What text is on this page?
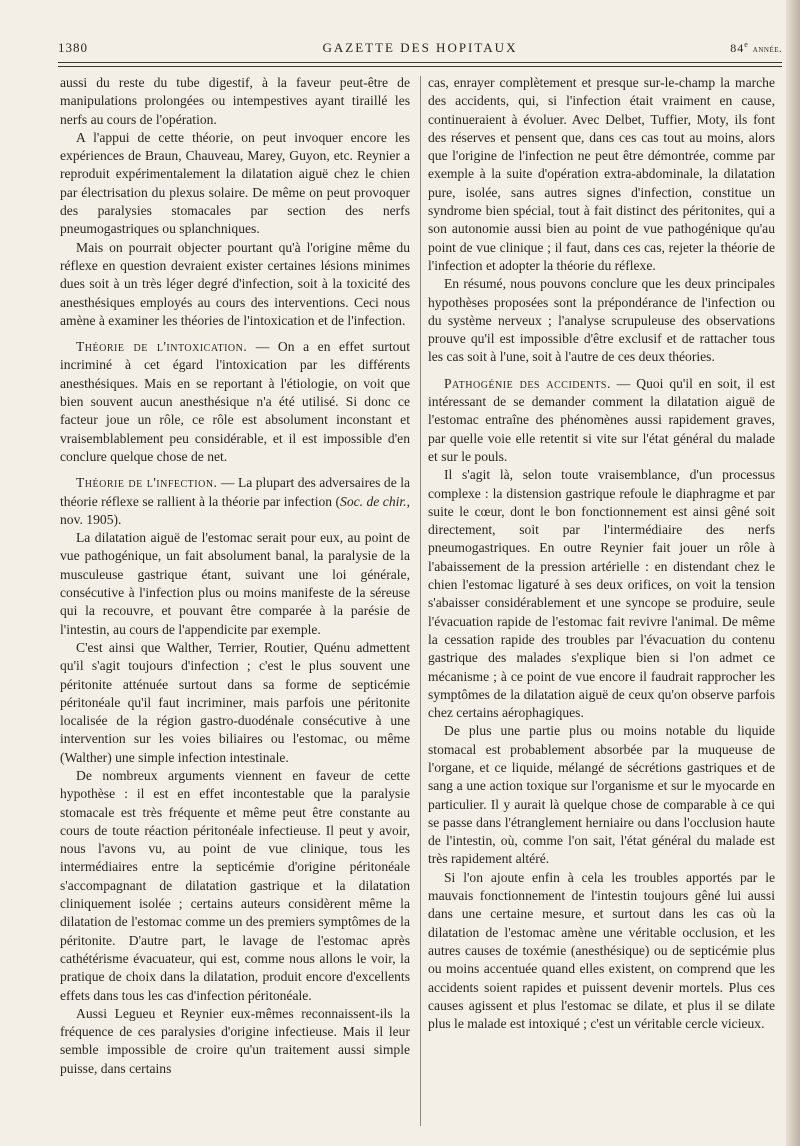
1380	GAZETTE DES HOPITAUX	84e année.

aussi du reste du tube digestif, à la faveur peut-être de manipulations prolongées ou intempestives ayant tiraillé les nerfs au cours de l'opération.

A l'appui de cette théorie, on peut invoquer encore les expériences de Braun, Chauveau, Marey, Guyon, etc. Reynier a reproduit expérimentalement la dilatation aiguë chez le chien par électrisation du plexus solaire. De même on peut provoquer des paralysies stomacales par section des nerfs pneumogastriques ou splanchniques.

Mais on pourrait objecter pourtant qu'à l'origine même du réflexe en question devraient exister certaines lésions minimes dues soit à un très léger degré d'infection, soit à la toxicité des anesthésiques employés au cours des interventions. Ceci nous amène à examiner les théories de l'intoxication et de l'infection.

Théorie de l'intoxication. — On a en effet surtout incriminé à cet égard l'intoxication par les différents anesthésiques. Mais en se reportant à l'étiologie, on voit que bien souvent aucun anesthésique n'a été utilisé. Si donc ce facteur joue un rôle, ce rôle est absolument inconstant et vraisemblablement peu considérable, et il est impossible d'en conclure quelque chose de net.

Théorie de l'infection. — La plupart des adversaires de la théorie réflexe se rallient à la théorie par infection (Soc. de chir., nov. 1905).

La dilatation aiguë de l'estomac serait pour eux, au point de vue pathogénique, un fait absolument banal, la paralysie de la musculeuse gastrique étant, suivant une loi générale, consécutive à l'infection plus ou moins manifeste de la séreuse qui la recouvre, et pouvant être comparée à la parésie de l'intestin, au cours de l'appendicite par exemple.

C'est ainsi que Walther, Terrier, Routier, Quénu admettent qu'il s'agit toujours d'infection ; c'est le plus souvent une péritonite atténuée surtout dans sa forme de septicémie péritonéale qu'il faut incriminer, mais parfois une péritonite localisée de la région gastro-duodénale consécutive à une intervention sur les voies biliaires ou l'estomac, ou même (Walther) une simple infection intestinale.

De nombreux arguments viennent en faveur de cette hypothèse : il est en effet incontestable que la paralysie stomacale est très fréquente et même peut être constante au cours de toute réaction péritonéale infectieuse. Il peut y avoir, nous l'avons vu, au point de vue clinique, tous les intermédiaires entre la septicémie d'origine péritonéale s'accompagnant de dilatation gastrique et la dilatation cliniquement isolée ; certains auteurs considèrent même la dilatation de l'estomac comme un des premiers symptômes de la péritonite. D'autre part, le lavage de l'estomac après cathétérisme évacuateur, qui est, comme nous allons le voir, la pratique de choix dans la dilatation, produit encore d'excellents effets dans tous les cas d'infection péritonéale.

Aussi Legueu et Reynier eux-mêmes reconnaissent-ils la fréquence de ces paralysies d'origine infectieuse. Mais il leur semble impossible de croire qu'un traitement aussi simple puisse, dans certains

cas, enrayer complètement et presque sur-le-champ la marche des accidents, qui, si l'infection était vraiment en cause, continueraient à évoluer. Avec Delbet, Tuffier, Moty, ils font des réserves et pensent que, dans ces cas tout au moins, alors que l'origine de l'infection ne peut être démontrée, comme par exemple à la suite d'opération extra-abdominale, la dilatation pure, isolée, sans autres signes d'infection, constitue un syndrome bien spécial, tout à fait distinct des péritonites, qui a son autonomie aussi bien au point de vue pathogénique qu'au point de vue clinique ; il faut, dans ces cas, rejeter la théorie de l'infection et adopter la théorie du réflexe.

En résumé, nous pouvons conclure que les deux principales hypothèses proposées sont la prépondérance de l'infection ou du système nerveux ; l'analyse scrupuleuse des observations prouve qu'il est impossible d'être exclusif et de rattacher tous les cas soit à l'une, soit à l'autre de ces deux théories.

Pathogénie des accidents. — Quoi qu'il en soit, il est intéressant de se demander comment la dilatation aiguë de l'estomac entraîne des phénomènes aussi rapidement graves, par quelle voie elle retentit si vite sur l'état général du malade et sur le pouls.

Il s'agit là, selon toute vraisemblance, d'un processus complexe : la distension gastrique refoule le diaphragme et par suite le cœur, dont le bon fonctionnement est ainsi gêné soit directement, soit par l'intermédiaire des nerfs pneumogastriques. En outre Reynier fait jouer un rôle à l'abaissement de la pression artérielle : en distendant chez le chien l'estomac ligaturé à ses deux orifices, on voit la tension s'abaisser considérablement et une syncope se produire, seule l'évacuation rapide de l'estomac fait revivre l'animal. De même la cessation rapide des troubles par l'évacuation du contenu gastrique des malades s'explique bien si l'on admet ce mécanisme ; à ce point de vue encore il faudrait rapprocher les symptômes de la dilatation aiguë de ceux qu'on observe parfois chez certains aérophagiques.

De plus une partie plus ou moins notable du liquide stomacal est probablement absorbée par la muqueuse de l'organe, et ce liquide, mélangé de sécrétions gastriques et de sang a une action toxique sur l'organisme et sur le myocarde en particulier. Il y aurait là quelque chose de comparable à ce qui se passe dans l'étranglement herniaire ou dans l'occlusion haute de l'intestin, où, comme l'on sait, l'état général du malade est très rapidement altéré.

Si l'on ajoute enfin à cela les troubles apportés par le mauvais fonctionnement de l'intestin toujours gêné lui aussi dans une certaine mesure, et surtout dans les cas où la dilatation de l'estomac amène une véritable occlusion, et les autres causes de toxémie (anesthésique) ou de septicémie plus ou moins accentuée quand elles existent, on comprend que les accidents soient rapides et puissent devenir mortels. Plus ces causes agissent et plus l'estomac se dilate, et plus il se dilate plus le malade est intoxiqué ; c'est un véritable cercle vicieux.
